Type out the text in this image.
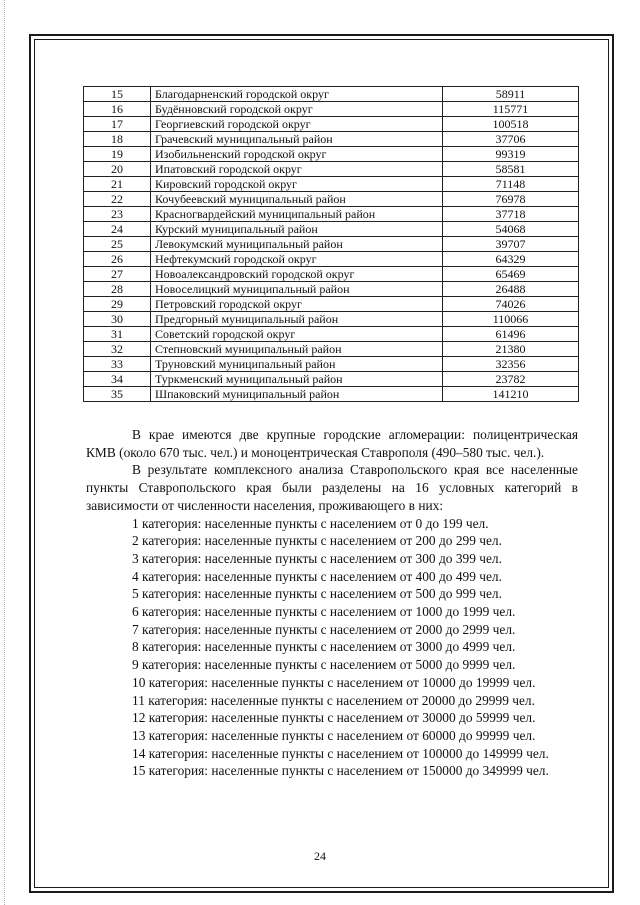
15	Благодарненский городской округ	58911
16	Будённовский городской округ	115771
17	Георгиевский городской округ	100518
18	Грачевский муниципальный район	37706
19	Изобильненский городской округ	99319
20	Ипатовский городской округ	58581
21	Кировский городской округ	71148
22	Кочубеевский муниципальный район	76978
23	Красногвардейский муниципальный район	37718
24	Курский муниципальный район	54068
25	Левокумский муниципальный район	39707
26	Нефтекумский городской округ	64329
27	Новоалександровский городской округ	65469
28	Новоселицкий муниципальный район	26488
29	Петровский городской округ	74026
30	Предгорный муниципальный район	110066
31	Советский городской округ	61496
32	Степновский муниципальный район	21380
33	Труновский муниципальный район	32356
34	Туркменский муниципальный район	23782
35	Шпаковский муниципальный район	141210

В крае имеются две крупные городские агломерации: полицентрическая КМВ (около 670 тыс. чел.) и моноцентрическая Ставрополя (490–580 тыс. чел.).

В результате комплексного анализа Ставропольского края все населенные пункты Ставропольского края были разделены на 16 условных категорий в зависимости от численности населения, проживающего в них:

1 категория: населенные пункты с населением от 0 до 199 чел.

2 категория: населенные пункты с населением от 200 до 299 чел.

3 категория: населенные пункты с населением от 300 до 399 чел.

4 категория: населенные пункты с населением от 400 до 499 чел.

5 категория: населенные пункты с населением от 500 до 999 чел.

6 категория: населенные пункты с населением от 1000 до 1999 чел.

7 категория: населенные пункты с населением от 2000 до 2999 чел.

8 категория: населенные пункты с населением от 3000 до 4999 чел.

9 категория: населенные пункты с населением от 5000 до 9999 чел.

10 категория: населенные пункты с населением от 10000 до 19999 чел.

11 категория: населенные пункты с населением от 20000 до 29999 чел.

12 категория: населенные пункты с населением от 30000 до 59999 чел.

13 категория: населенные пункты с населением от 60000 до 99999 чел.

14 категория: населенные пункты с населением от 100000 до 149999 чел.

15 категория: населенные пункты с населением от 150000 до 349999 чел.

24
